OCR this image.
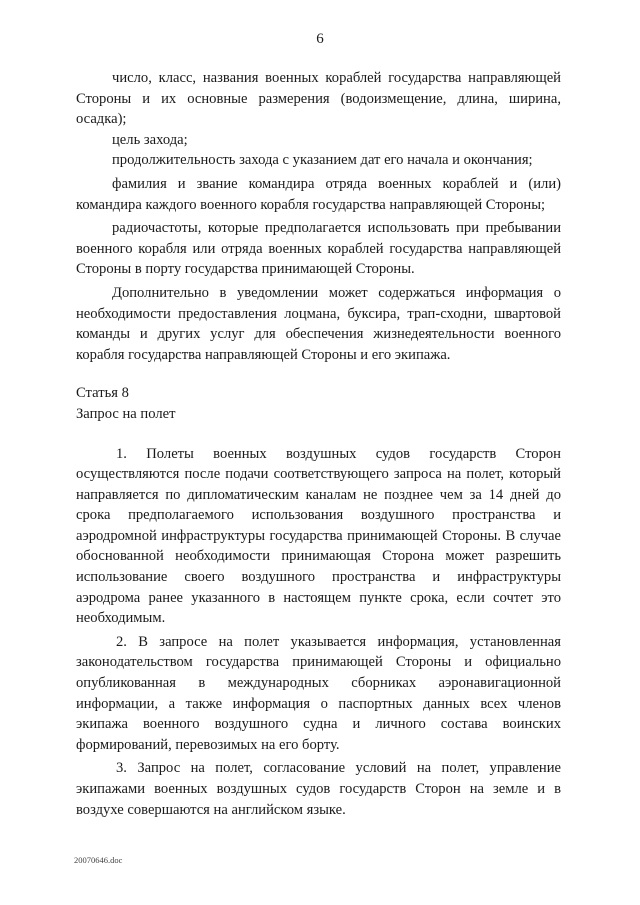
6

число, класс, названия военных кораблей государства направляющей Стороны и их основные размерения (водоизмещение, длина, ширина, осадка);

цель захода;

продолжительность захода с указанием дат его начала и окончания;

фамилия и звание командира отряда военных кораблей и (или) командира каждого военного корабля государства направляющей Стороны;

радиочастоты, которые предполагается использовать при пребывании военного корабля или отряда военных кораблей государства направляющей Стороны в порту государства принимающей Стороны.

Дополнительно в уведомлении может содержаться информация о необходимости предоставления лоцмана, буксира, трап-сходни, швартовой команды и других услуг для обеспечения жизнедеятельности военного корабля государства направляющей Стороны и его экипажа.

Статья 8

Запрос на полет

1. Полеты военных воздушных судов государств Сторон осуществляются после подачи соответствующего запроса на полет, который направляется по дипломатическим каналам не позднее чем за 14 дней до срока предполагаемого использования воздушного пространства и аэродромной инфраструктуры государства принимающей Стороны. В случае обоснованной необходимости принимающая Сторона может разрешить использование своего воздушного пространства и инфраструктуры аэродрома ранее указанного в настоящем пункте срока, если сочтет это необходимым.

2. В запросе на полет указывается информация, установленная законодательством государства принимающей Стороны и официально опубликованная в международных сборниках аэронавигационной информации, а также информация о паспортных данных всех членов экипажа военного воздушного судна и личного состава воинских формирований, перевозимых на его борту.

3. Запрос на полет, согласование условий на полет, управление экипажами военных воздушных судов государств Сторон на земле и в воздухе совершаются на английском языке.

20070646.doc
